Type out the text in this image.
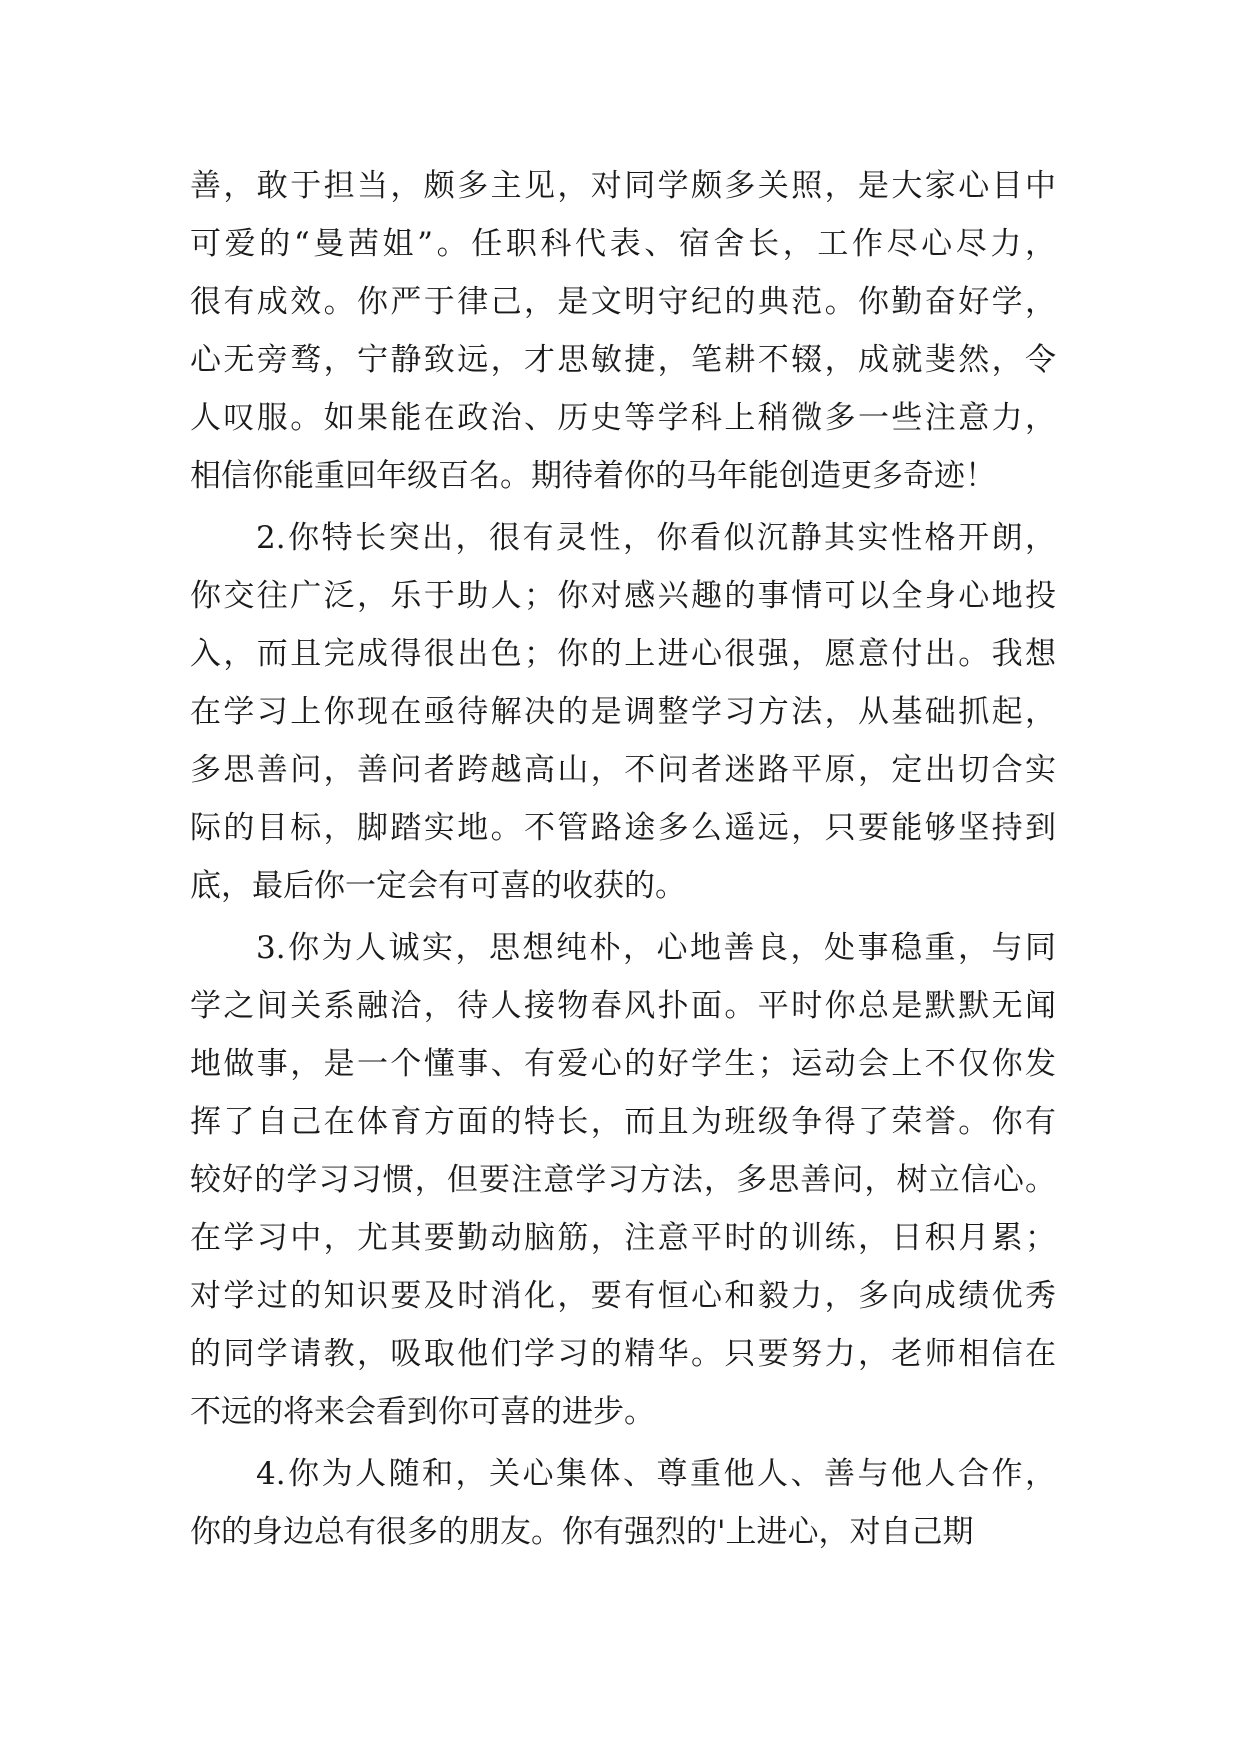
善，敢于担当，颇多主见，对同学颇多关照，是大家心目中
可爱的“曼茜姐”。任职科代表、宿舍长，工作尽心尽力，
很有成效。你严于律己，是文明守纪的典范。你勤奋好学，
心无旁骛，宁静致远，才思敏捷，笔耕不辍，成就斐然，令
人叹服。如果能在政治、历史等学科上稍微多一些注意力，
相信你能重回年级百名。期待着你的马年能创造更多奇迹！
2.你特长突出，很有灵性，你看似沉静其实性格开朗，
你交往广泛，乐于助人；你对感兴趣的事情可以全身心地投
入，而且完成得很出色；你的上进心很强，愿意付出。我想
在学习上你现在亟待解决的是调整学习方法，从基础抓起，
多思善问，善问者跨越高山，不问者迷路平原，定出切合实
际的目标，脚踏实地。不管路途多么遥远，只要能够坚持到
底，最后你一定会有可喜的收获的。
3.你为人诚实，思想纯朴，心地善良，处事稳重，与同
学之间关系融洽，待人接物春风扑面。平时你总是默默无闻
地做事，是一个懂事、有爱心的好学生；运动会上不仅你发
挥了自己在体育方面的特长，而且为班级争得了荣誉。你有
较好的学习习惯，但要注意学习方法，多思善问，树立信心。
在学习中，尤其要勤动脑筋，注意平时的训练，日积月累；
对学过的知识要及时消化，要有恒心和毅力，多向成绩优秀
的同学请教，吸取他们学习的精华。只要努力，老师相信在
不远的将来会看到你可喜的进步。
4.你为人随和，关心集体、尊重他人、善与他人合作，
你的身边总有很多的朋友。你有强烈的'上进心，对自己期
